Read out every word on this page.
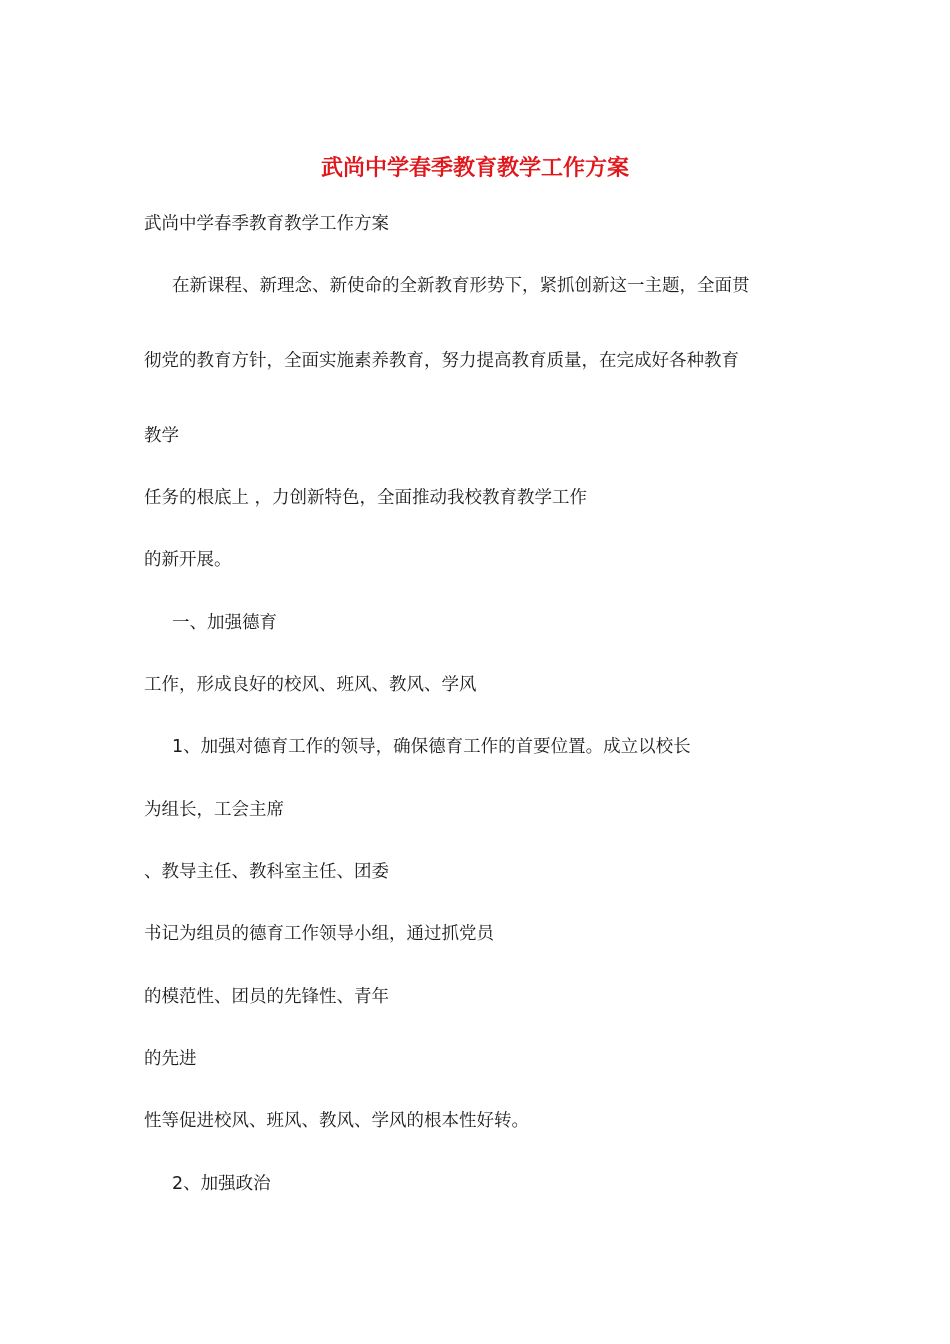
武尚中学春季教育教学工作方案

武尚中学春季教育教学工作方案

在新课程、新理念、新使命的全新教育形势下，紧抓创新这一主题，全面贯

彻党的教育方针，全面实施素养教育，努力提高教育质量，在完成好各种教育

教学

任务的根底上 ，力创新特色，全面推动我校教育教学工作

的新开展。

一、加强德育

工作，形成良好的校风、班风、教风、学风

1、加强对德育工作的领导，确保德育工作的首要位置。成立以校长

为组长，工会主席

、教导主任、教科室主任、团委

书记为组员的德育工作领导小组，通过抓党员

的模范性、团员的先锋性、青年

的先进

性等促进校风、班风、教风、学风的根本性好转。

2、加强政治
